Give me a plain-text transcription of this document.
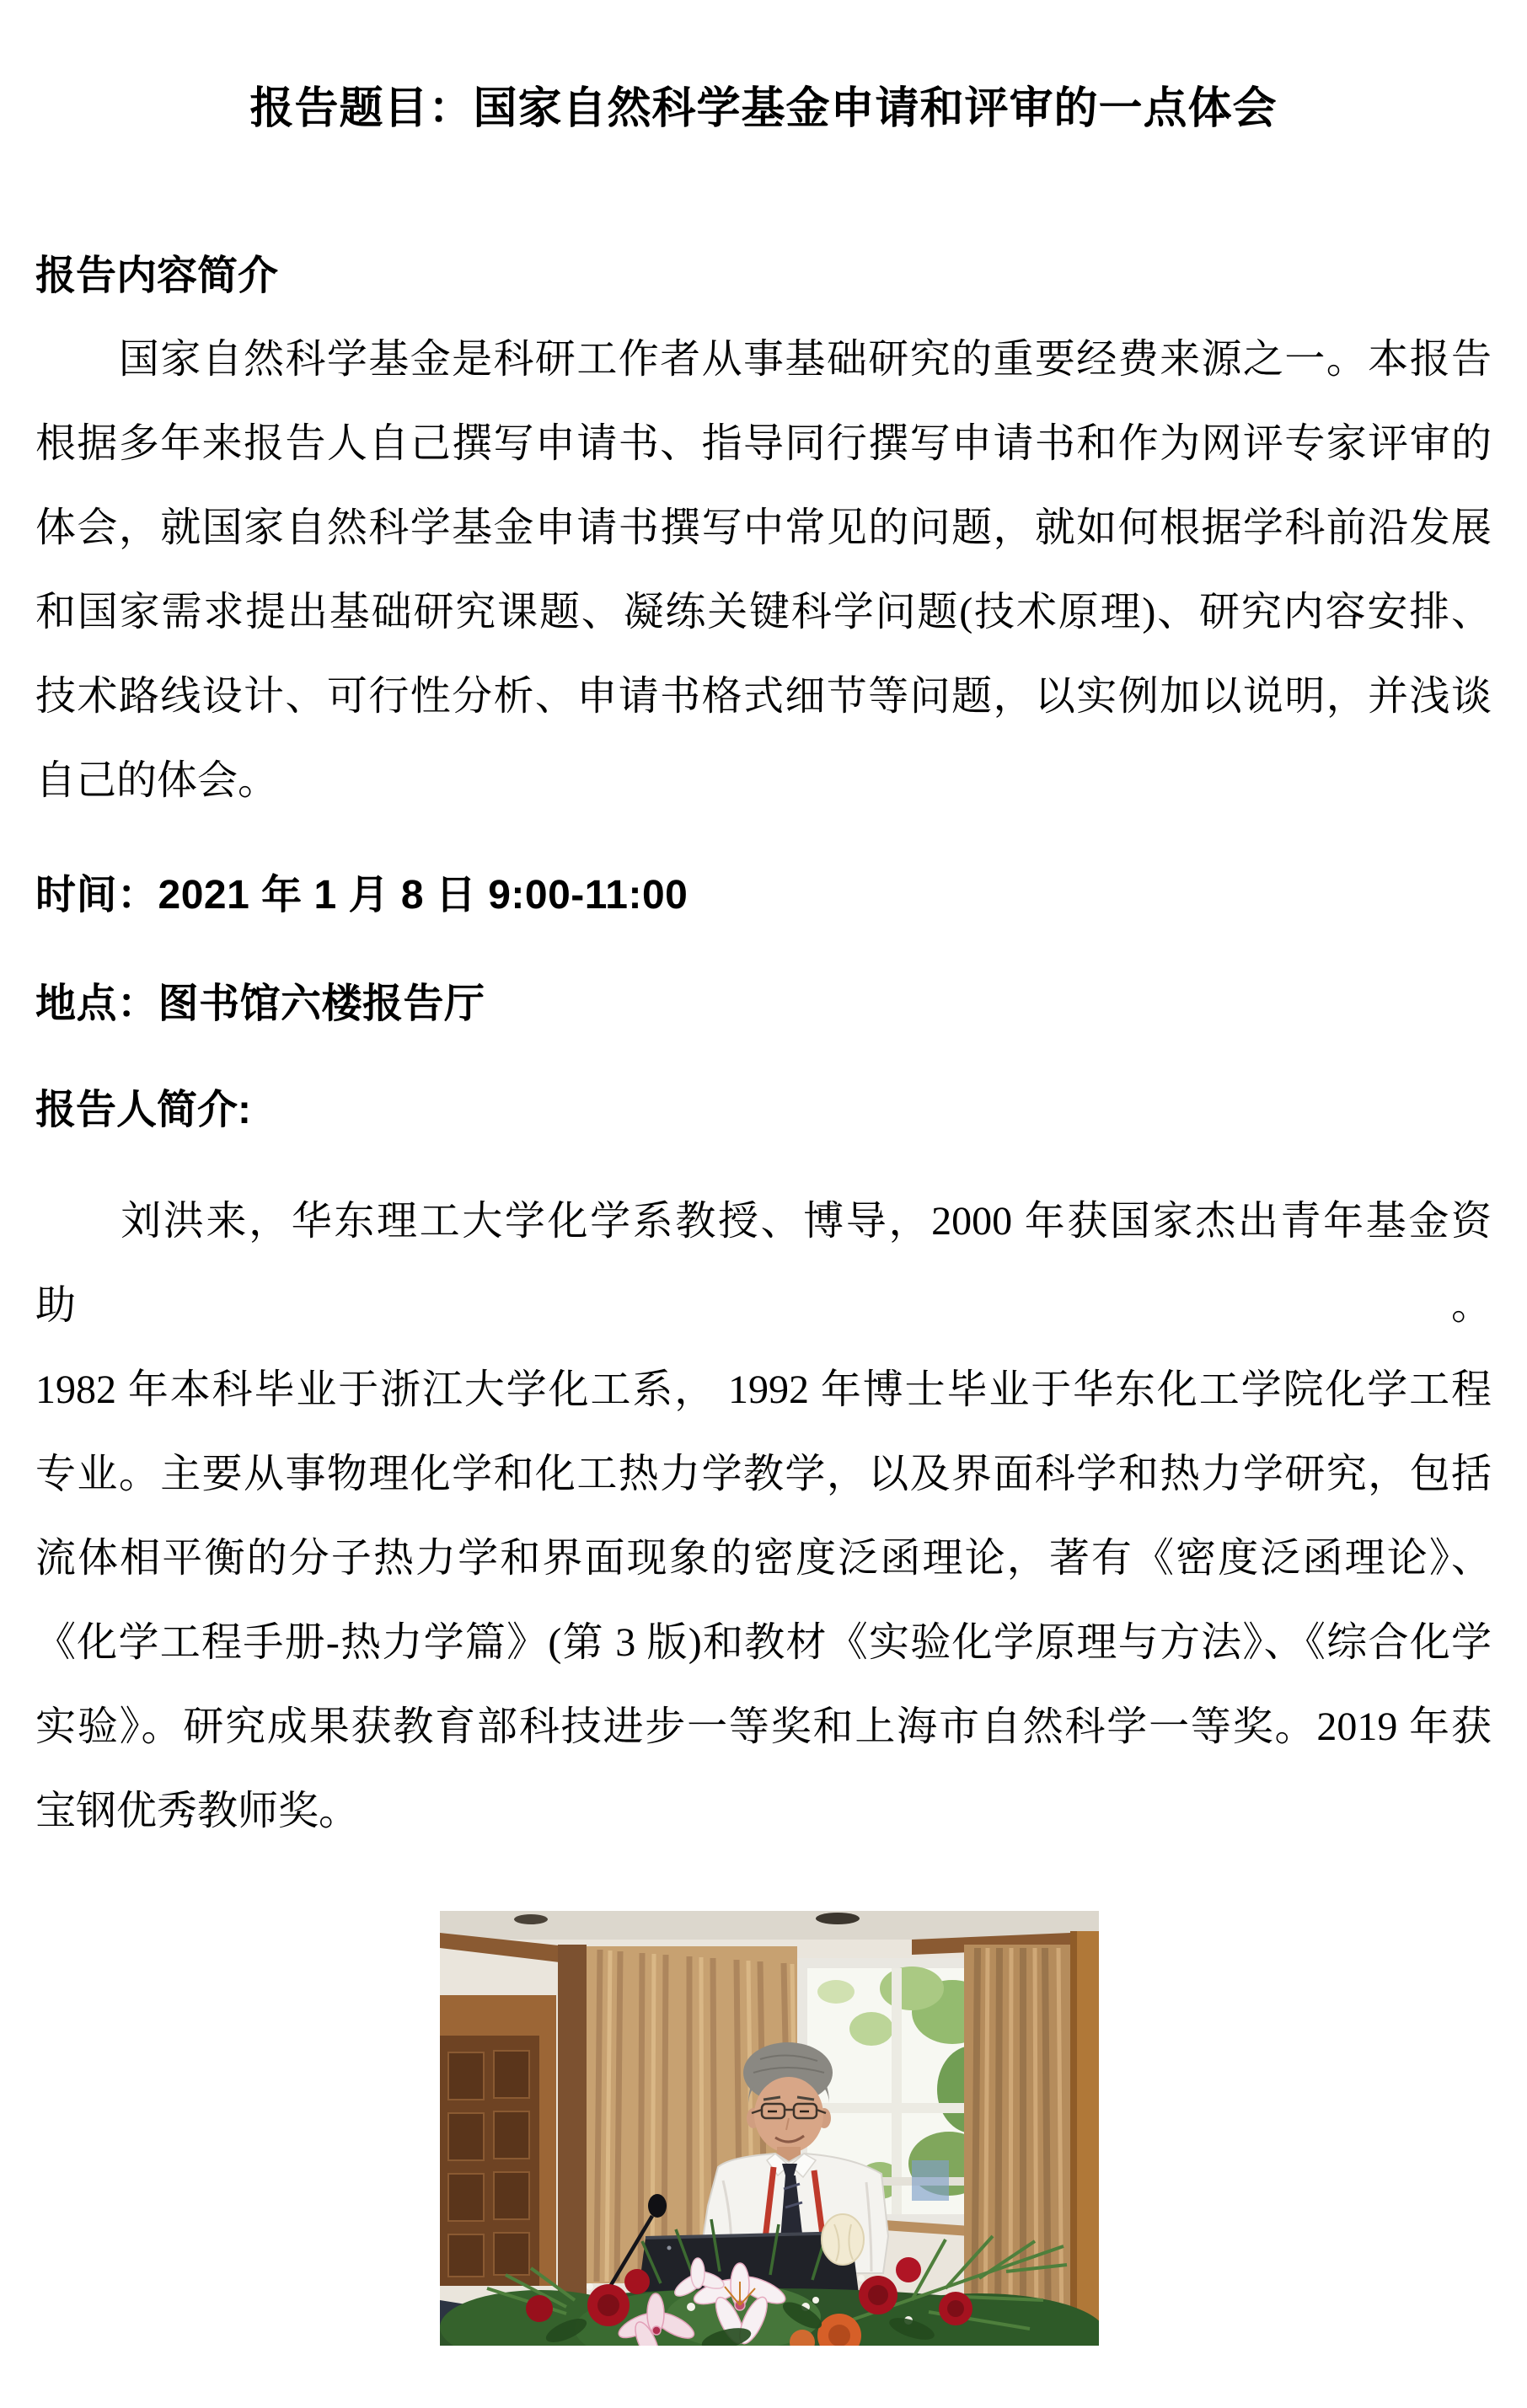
报告题目：国家自然科学基金申请和评审的一点体会
报告内容简介
　　国家自然科学基金是科研工作者从事基础研究的重要经费来源之一。本报告
根据多年来报告人自己撰写申请书、指导同行撰写申请书和作为网评专家评审的
体会，就国家自然科学基金申请书撰写中常见的问题，就如何根据学科前沿发展
和国家需求提出基础研究课题、凝练关键科学问题(技术原理)、研究内容安排、
技术路线设计、可行性分析、申请书格式细节等问题，以实例加以说明，并浅谈
自己的体会。
时间：2021 年 1 月 8 日 9:00-11:00
地点：图书馆六楼报告厅
报告人简介:
　　刘洪来，华东理工大学化学系教授、博导，2000 年获国家杰出青年基金资助。
1982 年本科毕业于浙江大学化工系， 1992 年博士毕业于华东化工学院化学工程
专业。主要从事物理化学和化工热力学教学，以及界面科学和热力学研究，包括
流体相平衡的分子热力学和界面现象的密度泛函理论，著有《密度泛函理论》、
《化学工程手册-热力学篇》(第 3 版)和教材《实验化学原理与方法》、《综合化学
实验》。研究成果获教育部科技进步一等奖和上海市自然科学一等奖。2019 年获
宝钢优秀教师奖。
